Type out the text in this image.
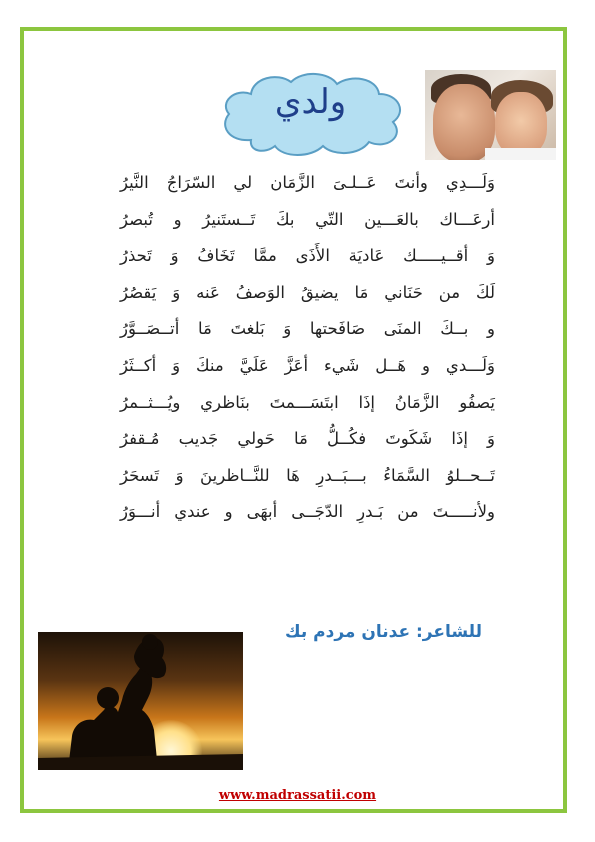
ولدي
وَلَـــدِي وأنتَ عَــلـىَ الزَّمَان لي السّرَاجُ النَّيرُ
أرعَـــاك بالعَـــين التّي بكَ تَــستَنيرُ و تُبصرُ
وَ أقــيـــــك عَاديَة الأَذَى ممَّا تَخَافُ وَ تَحذرُ
لَكَ من حَنَاني مَا يضيقُ الوَصفُ عَنه وَ يَقصُرُ
و بــكَ المنَى صَافَحتها وَ بَلغتَ مَا أتــصَــوَّرُ
وَلَـــدي و هَــل شَيء أعَزَّ عَلَيَّ منكَ وَ أكــثَرُ
يَصفُو الزَّمَانُ إذَا ابتَسَـــمتَ بنَاظري ويُـــثــمرُ
وَ إذَا شَكَوتَ فكُــلُّ مَا حَولي جَديب مُـقفرُ
تَــحــلوُ السَّمَاءُ بـــبَــدرِ هَا للنَّــاظرينَ وَ تَسحَرُ
ولأنـــــتَ من بَـدرِ الدّجَــى أبهَى و عندي أنـــوَرُ
للشاعر: عدنان مردم بك
www.madrassatii.com
